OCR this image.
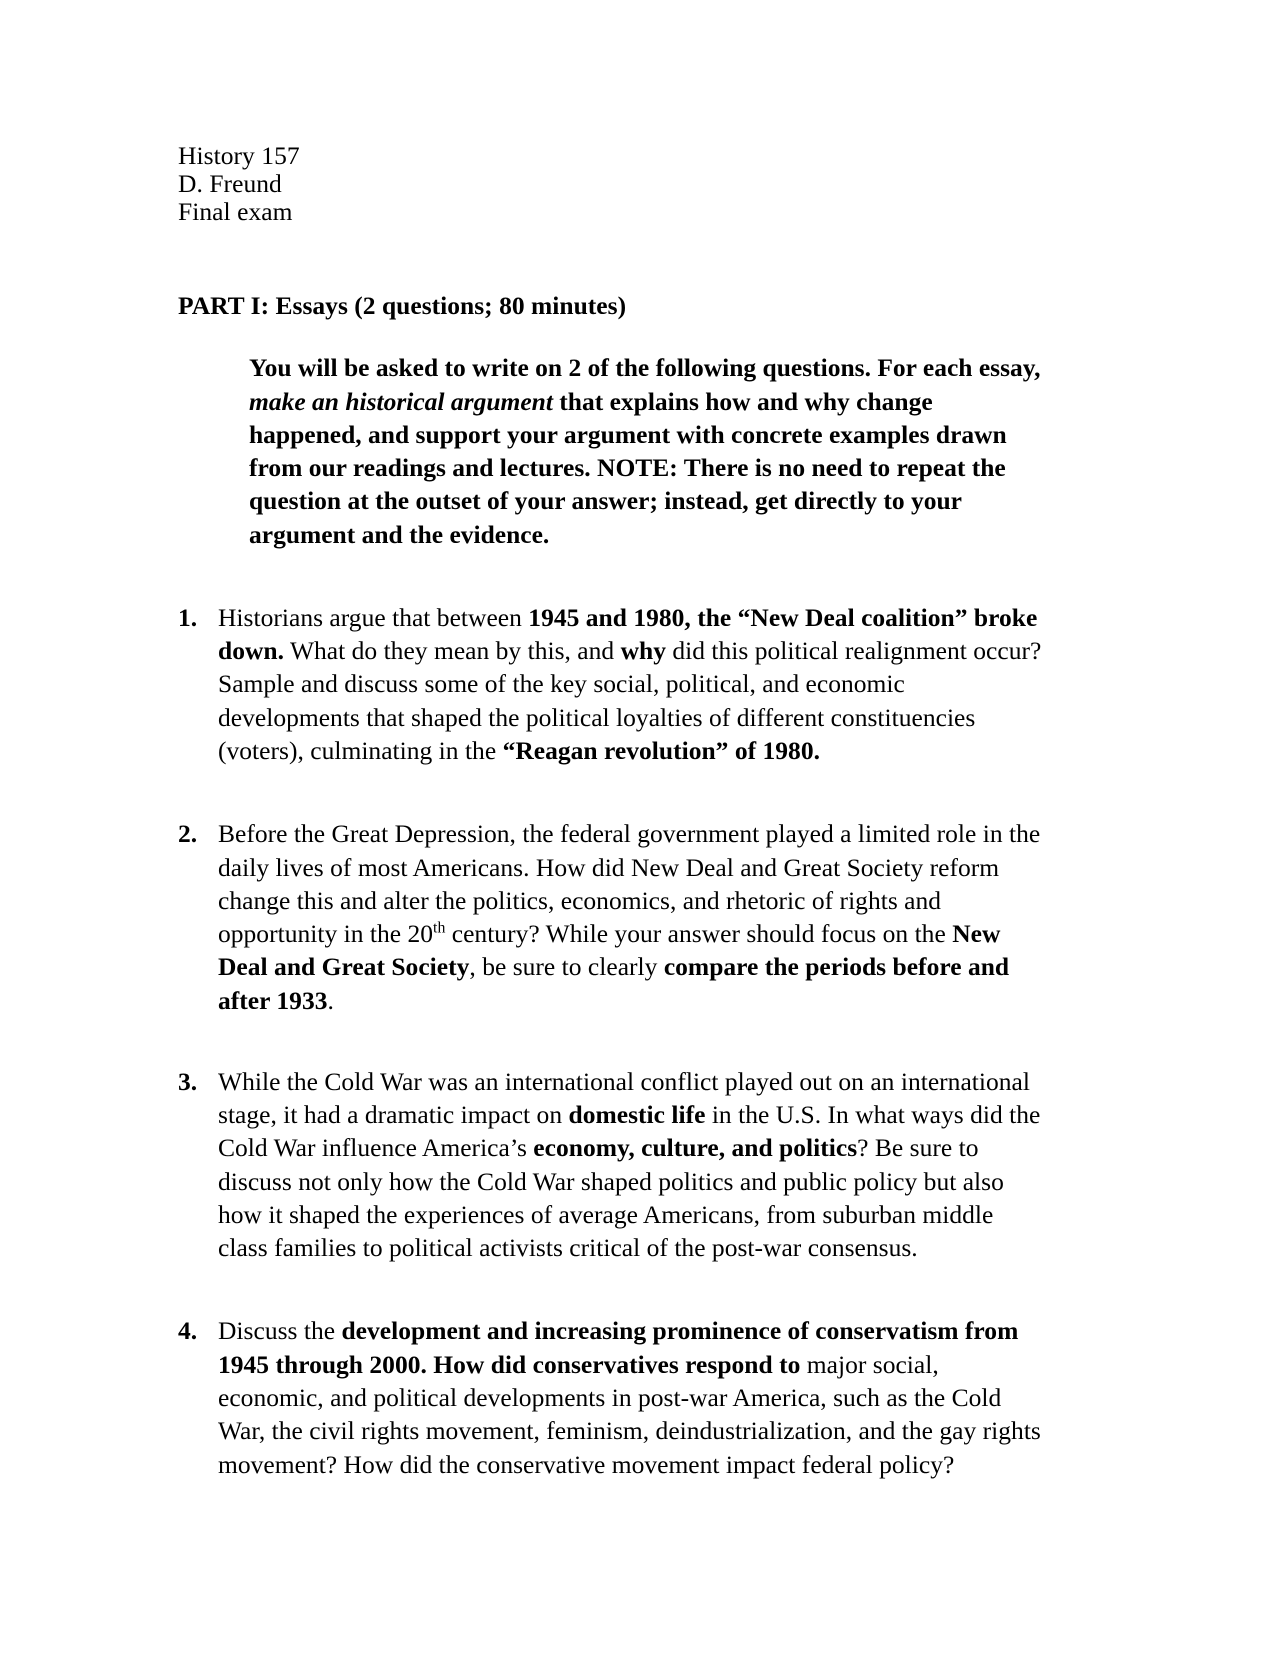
History 157
D. Freund
Final exam
PART I: Essays (2 questions; 80 minutes)

You will be asked to write on 2 of the following questions. For each essay, make an historical argument that explains how and why change happened, and support your argument with concrete examples drawn from our readings and lectures. NOTE: There is no need to repeat the question at the outset of your answer; instead, get directly to your argument and the evidence.

1. Historians argue that between 1945 and 1980, the “New Deal coalition” broke down. What do they mean by this, and why did this political realignment occur? Sample and discuss some of the key social, political, and economic developments that shaped the political loyalties of different constituencies (voters), culminating in the “Reagan revolution” of 1980.
2. Before the Great Depression, the federal government played a limited role in the daily lives of most Americans. How did New Deal and Great Society reform change this and alter the politics, economics, and rhetoric of rights and opportunity in the 20th century? While your answer should focus on the New Deal and Great Society, be sure to clearly compare the periods before and after 1933.
3. While the Cold War was an international conflict played out on an international stage, it had a dramatic impact on domestic life in the U.S. In what ways did the Cold War influence America’s economy, culture, and politics? Be sure to discuss not only how the Cold War shaped politics and public policy but also how it shaped the experiences of average Americans, from suburban middle class families to political activists critical of the post-war consensus.
4. Discuss the development and increasing prominence of conservatism from 1945 through 2000. How did conservatives respond to major social, economic, and political developments in post-war America, such as the Cold War, the civil rights movement, feminism, deindustrialization, and the gay rights movement? How did the conservative movement impact federal policy?
